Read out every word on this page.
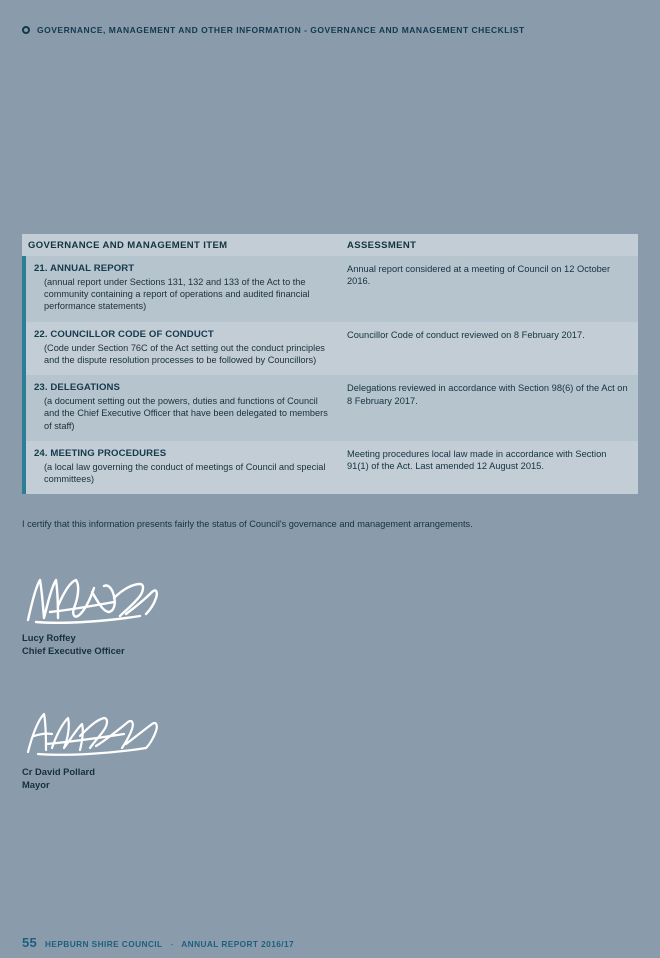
GOVERNANCE, MANAGEMENT AND OTHER INFORMATION - GOVERNANCE AND MANAGEMENT CHECKLIST
GOVERNANCE AND MANAGEMENT ITEM	ASSESSMENT

21. ANNUAL REPORT

(annual report under Sections 131, 132 and 133 of the Act to the community containing a report of operations and audited financial performance statements)

Annual report considered at a meeting of Council on 12 October 2016.

22. COUNCILLOR CODE OF CONDUCT

(Code under Section 76C of the Act setting out the conduct principles and the dispute resolution processes to be followed by Councillors)

Councillor Code of conduct reviewed on 8 February 2017.

23. DELEGATIONS

(a document setting out the powers, duties and functions of Council and the Chief Executive Officer that have been delegated to members of staff)

Delegations reviewed in accordance with Section 98(6) of the Act on 8 February 2017.

24. MEETING PROCEDURES

(a local law governing the conduct of meetings of Council and special committees)

Meeting procedures local law made in accordance with Section 91(1) of the Act. Last amended 12 August 2015.

I certify that this information presents fairly the status of Council's governance and management arrangements.

Lucy Roffey

Chief Executive Officer

Cr David Pollard

Mayor

55 HEPBURN SHIRE COUNCIL - ANNUAL REPORT 2016/17
